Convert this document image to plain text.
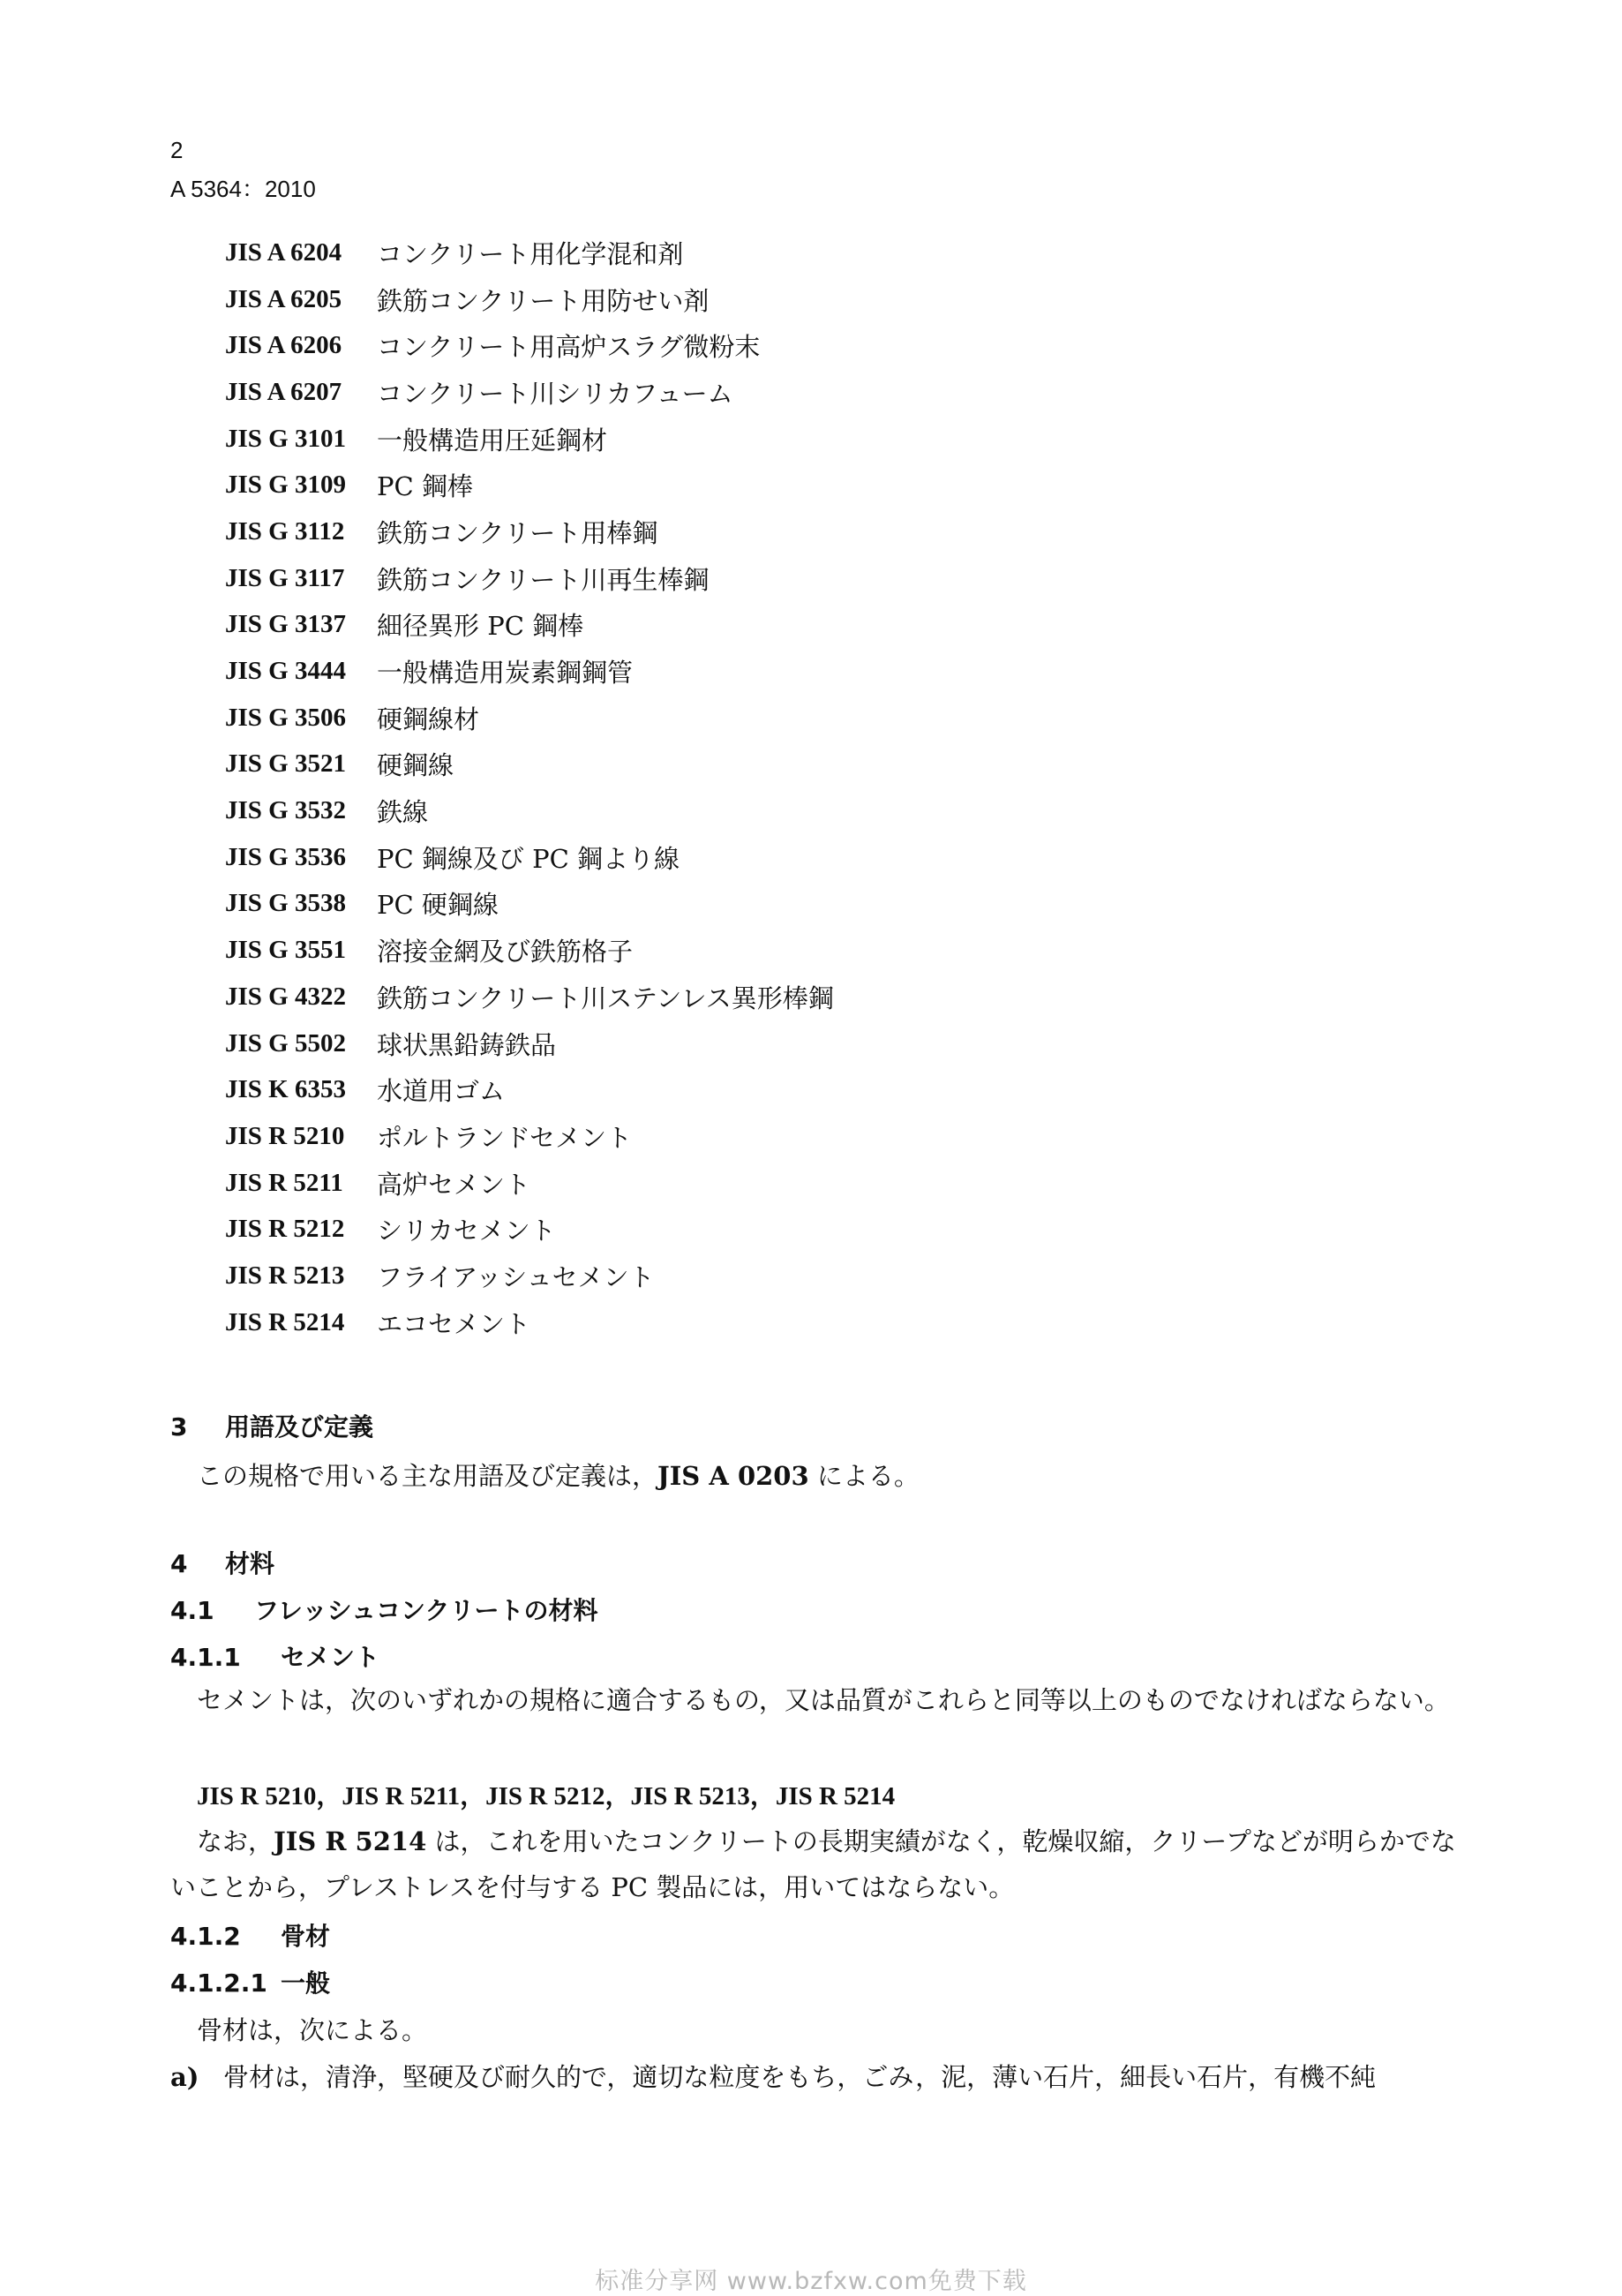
2
A 5364：2010
JIS A 6204	コンクリート用化学混和剤
JIS A 6205	鉄筋コンクリート用防せい剤
JIS A 6206	コンクリート用高炉スラグ微粉末
JIS A 6207	コンクリート川シリカフューム
JIS G 3101	一般構造用圧延鋼材
JIS G 3109	PC 鋼棒
JIS G 3112	鉄筋コンクリート用棒鋼
JIS G 3117	鉄筋コンクリート川再生棒鋼
JIS G 3137	細径異形 PC 鋼棒
JIS G 3444	一般構造用炭素鋼鋼管
JIS G 3506	硬鋼線材
JIS G 3521	硬鋼線
JIS G 3532	鉄線
JIS G 3536	PC 鋼線及び PC 鋼より線
JIS G 3538	PC 硬鋼線
JIS G 3551	溶接金網及び鉄筋格子
JIS G 4322	鉄筋コンクリート川ステンレス異形棒鋼
JIS G 5502	球状黒鉛鋳鉄品
JIS K 6353	水道用ゴム
JIS R 5210	ポルトランドセメント
JIS R 5211	高炉セメント
JIS R 5212	シリカセメント
JIS R 5213	フライアッシュセメント
JIS R 5214	エコセメント
3 用語及び定義
この規格で用いる主な用語及び定義は，JIS A 0203 による。
4 材料
4.1 フレッシュコンクリートの材料
4.1.1 セメント
セメントは，次のいずれかの規格に適合するもの，又は品質がこれらと同等以上のものでなければならない。
JIS R 5210，JIS R 5211，JIS R 5212，JIS R 5213，JIS R 5214
なお，JIS R 5214 は，これを用いたコンクリートの長期実績がなく，乾燥収縮，クリープなどが明らかでないことから，プレストレスを付与する PC 製品には，用いてはならない。
4.1.2 骨材
4.1.2.1 一般
骨材は，次による。
a) 骨材は，清浄，堅硬及び耐久的で，適切な粒度をもち，ごみ，泥，薄い石片，細長い石片，有機不純
标准分享网 www.bzfxw.com免费下载
